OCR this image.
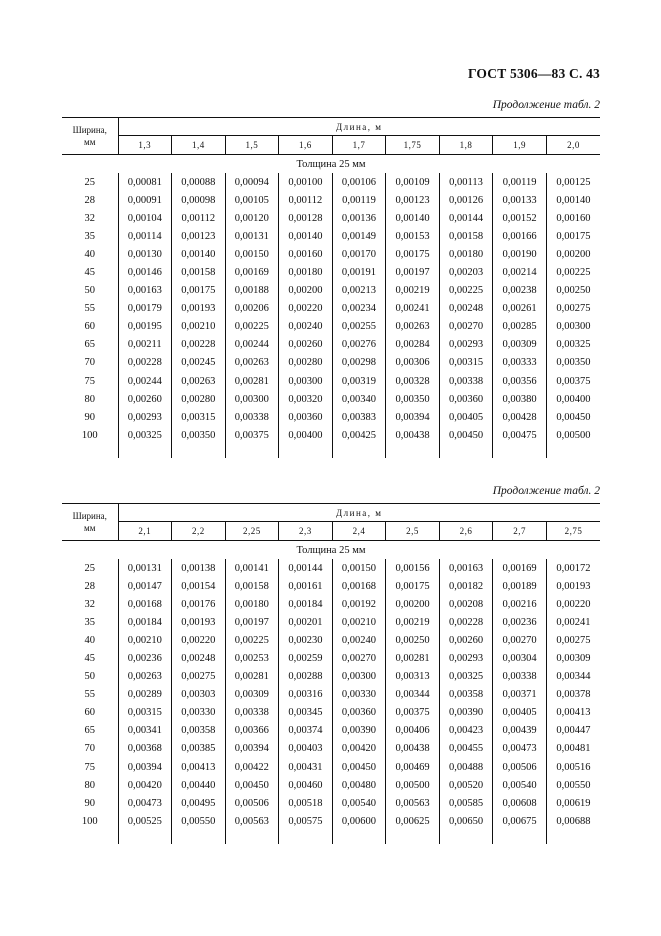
ГОСТ 5306—83 С. 43
Продолжение табл. 2
Ширина,
мм	Длина, м								
	1,3	1,4	1,5	1,6	1,7	1,75	1,8	1,9	2,0
Толщина 25 мм									
25	0,00081	0,00088	0,00094	0,00100	0,00106	0,00109	0,00113	0,00119	0,00125
28	0,00091	0,00098	0,00105	0,00112	0,00119	0,00123	0,00126	0,00133	0,00140
32	0,00104	0,00112	0,00120	0,00128	0,00136	0,00140	0,00144	0,00152	0,00160
35	0,00114	0,00123	0,00131	0,00140	0,00149	0,00153	0,00158	0,00166	0,00175
40	0,00130	0,00140	0,00150	0,00160	0,00170	0,00175	0,00180	0,00190	0,00200
45	0,00146	0,00158	0,00169	0,00180	0,00191	0,00197	0,00203	0,00214	0,00225
50	0,00163	0,00175	0,00188	0,00200	0,00213	0,00219	0,00225	0,00238	0,00250
55	0,00179	0,00193	0,00206	0,00220	0,00234	0,00241	0,00248	0,00261	0,00275
60	0,00195	0,00210	0,00225	0,00240	0,00255	0,00263	0,00270	0,00285	0,00300
65	0,00211	0,00228	0,00244	0,00260	0,00276	0,00284	0,00293	0,00309	0,00325
70	0,00228	0,00245	0,00263	0,00280	0,00298	0,00306	0,00315	0,00333	0,00350
75	0,00244	0,00263	0,00281	0,00300	0,00319	0,00328	0,00338	0,00356	0,00375
80	0,00260	0,00280	0,00300	0,00320	0,00340	0,00350	0,00360	0,00380	0,00400
90	0,00293	0,00315	0,00338	0,00360	0,00383	0,00394	0,00405	0,00428	0,00450
100	0,00325	0,00350	0,00375	0,00400	0,00425	0,00438	0,00450	0,00475	0,00500

Продолжение табл. 2
Ширина,
мм	Длина, м								
	2,1	2,2	2,25	2,3	2,4	2,5	2,6	2,7	2,75
Толщина 25 мм									
25	0,00131	0,00138	0,00141	0,00144	0,00150	0,00156	0,00163	0,00169	0,00172
28	0,00147	0,00154	0,00158	0,00161	0,00168	0,00175	0,00182	0,00189	0,00193
32	0,00168	0,00176	0,00180	0,00184	0,00192	0,00200	0,00208	0,00216	0,00220
35	0,00184	0,00193	0,00197	0,00201	0,00210	0,00219	0,00228	0,00236	0,00241
40	0,00210	0,00220	0,00225	0,00230	0,00240	0,00250	0,00260	0,00270	0,00275
45	0,00236	0,00248	0,00253	0,00259	0,00270	0,00281	0,00293	0,00304	0,00309
50	0,00263	0,00275	0,00281	0,00288	0,00300	0,00313	0,00325	0,00338	0,00344
55	0,00289	0,00303	0,00309	0,00316	0,00330	0,00344	0,00358	0,00371	0,00378
60	0,00315	0,00330	0,00338	0,00345	0,00360	0,00375	0,00390	0,00405	0,00413
65	0,00341	0,00358	0,00366	0,00374	0,00390	0,00406	0,00423	0,00439	0,00447
70	0,00368	0,00385	0,00394	0,00403	0,00420	0,00438	0,00455	0,00473	0,00481
75	0,00394	0,00413	0,00422	0,00431	0,00450	0,00469	0,00488	0,00506	0,00516
80	0,00420	0,00440	0,00450	0,00460	0,00480	0,00500	0,00520	0,00540	0,00550
90	0,00473	0,00495	0,00506	0,00518	0,00540	0,00563	0,00585	0,00608	0,00619
100	0,00525	0,00550	0,00563	0,00575	0,00600	0,00625	0,00650	0,00675	0,00688
